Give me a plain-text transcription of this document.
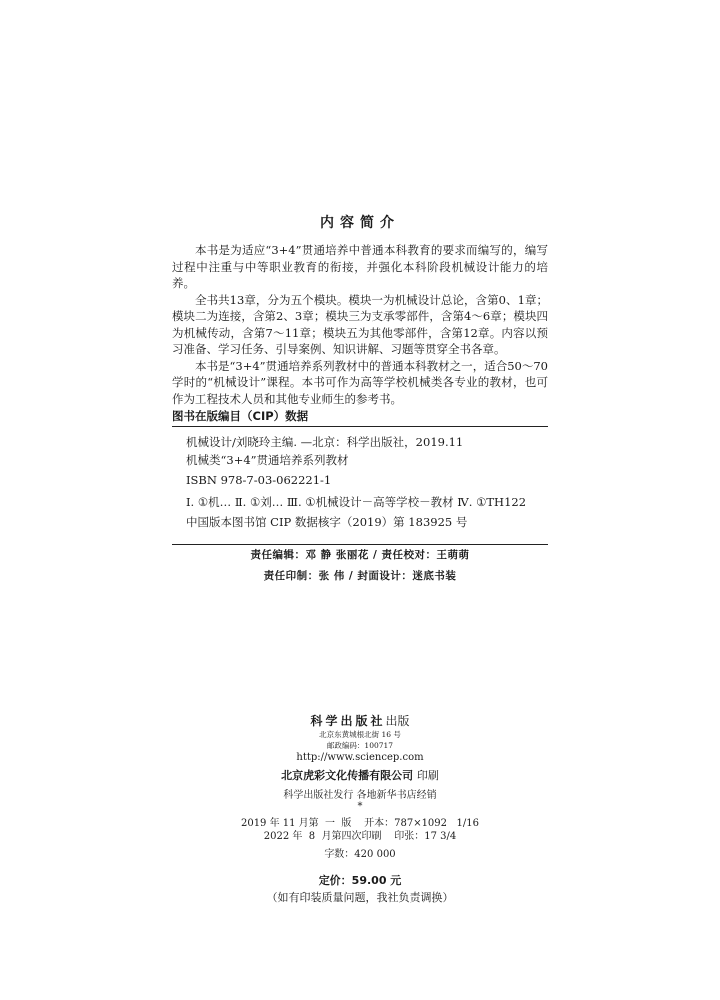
内容简介

本书是为适应“3+4”贯通培养中普通本科教育的要求而编写的，编写过程中注重与中等职业教育的衔接，并强化本科阶段机械设计能力的培养。

全书共13章，分为五个模块。模块一为机械设计总论，含第0、1章；模块二为连接，含第2、3章；模块三为支承零部件，含第4～6章；模块四为机械传动，含第7～11章；模块五为其他零部件，含第12章。内容以预习准备、学习任务、引导案例、知识讲解、习题等贯穿全书各章。

本书是“3+4”贯通培养系列教材中的普通本科教材之一，适合50～70学时的“机械设计”课程。本书可作为高等学校机械类各专业的教材，也可作为工程技术人员和其他专业师生的参考书。

图书在版编目（CIP）数据

机械设计/刘晓玲主编. —北京：科学出版社，2019.11

机械类“3+4”贯通培养系列教材

ISBN 978-7-03-062221-1

Ⅰ. ①机… Ⅱ. ①刘… Ⅲ. ①机械设计－高等学校－教材 Ⅳ. ①TH122

中国版本图书馆 CIP 数据核字（2019）第 183925 号

责任编辑：邓 静 张丽花 / 责任校对：王萌萌
责任印制：张 伟 / 封面设计：迷底书装

科学出版社出版

北京东黄城根北街 16 号

邮政编码：100717

http://www.sciencep.com

北京虎彩文化传播有限公司 印刷

科学出版社发行 各地新华书店经销

*

2019 年 11 月第  一  版    开本：787×1092   1/16

2022 年  8  月第四次印刷    印张：17 3/4

字数：420 000

定价：59.00 元

（如有印装质量问题，我社负责调换）
